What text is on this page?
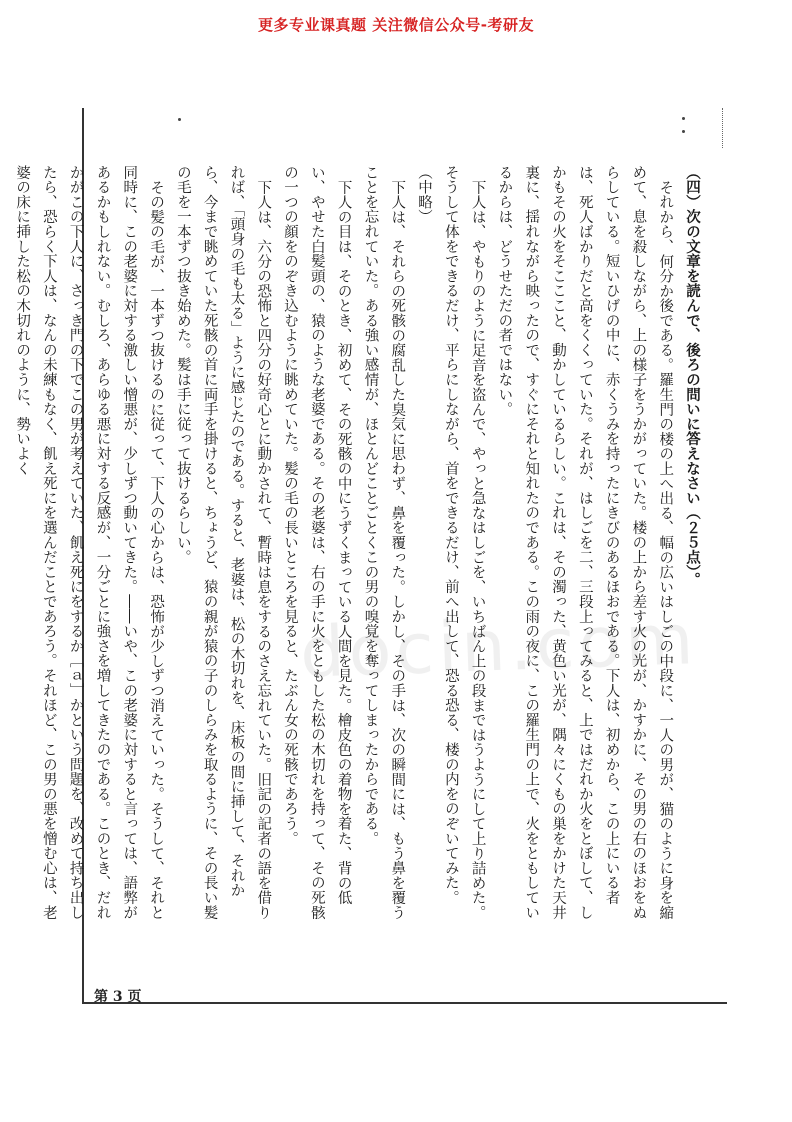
更多专业课真题 关注微信公众号-考研友
docin.com

（四）次の文章を読んで、後ろの問いに答えなさい（２５点）。

それから、何分か後である。羅生門の楼の上へ出る、幅の広いはしごの中段に、一人の男が、猫のように身を縮めて、息を殺しながら、上の様子をうかがっていた。楼の上から差す火の光が、かすかに、その男の右のほおをぬらしている。短いひげの中に、赤くうみを持ったにきびのあるほおである。下人は、初めから、この上にいる者は、死人ばかりだと高をくくっていた。それが、はしごを二、三段上ってみると、上ではだれか火をとぼして、しかもその火をそこここと、動かしているらしい。これは、その濁った、黄色い光が、隅々にくもの巣をかけた天井裏に、揺れながら映ったので、すぐにそれと知れたのである。この雨の夜に、この羅生門の上で、火をともしているからは、どうせただの者ではない。

下人は、やもりのように足音を盗んで、やっと急なはしごを、いちばん上の段まではうようにして上り詰めた。そうして体をできるだけ、平らにしながら、首をできるだけ、前へ出して、恐る恐る、楼の内をのぞいてみた。（中略）

下人は、それらの死骸の腐乱した臭気に思わず、鼻を覆った。しかし、その手は、次の瞬間には、もう鼻を覆うことを忘れていた。ある強い感情が、ほとんどことごとくこの男の嗅覚を奪ってしまったからである。

下人の目は、そのとき、初めて、その死骸の中にうずくまっている人間を見た。檜皮色の着物を着た、背の低い、やせた白髪頭の、猿のような老婆である。その老婆は、右の手に火をともした松の木切れを持って、その死骸の一つの顔をのぞき込むように眺めていた。髪の毛の長いところを見ると、たぶん女の死骸であろう。

下人は、六分の恐怖と四分の好奇心とに動かされて、暫時は息をするのさえ忘れていた。旧記の記者の語を借りれば、「頭身の毛も太る」ように感じたのである。すると、老婆は、松の木切れを、床板の間に挿して、それから、今まで眺めていた死骸の首に両手を掛けると、ちょうど、猿の親が猿の子のしらみを取るように、その長い髪の毛を一本ずつ抜き始めた。髪は手に従って抜けるらしい。

その髪の毛が、一本ずつ抜けるのに従って、下人の心からは、恐怖が少しずつ消えていった。そうして、それと同時に、この老婆に対する激しい憎悪が、少しずつ動いてきた。――いや、この老婆に対すると言っては、語弊があるかもしれない。むしろ、あらゆる悪に対する反感が、一分ごとに強さを増してきたのである。このとき、だれかがこの下人に、さっき門の下でこの男が考えていた、飢え死にをするか［ａ］かという問題を、改めて持ち出したら、恐らく下人は、なんの未練もなく、飢え死にを選んだことであろう。それほど、この男の悪を憎む心は、老婆の床に挿した松の木切れのように、勢いよく

第 3 页
